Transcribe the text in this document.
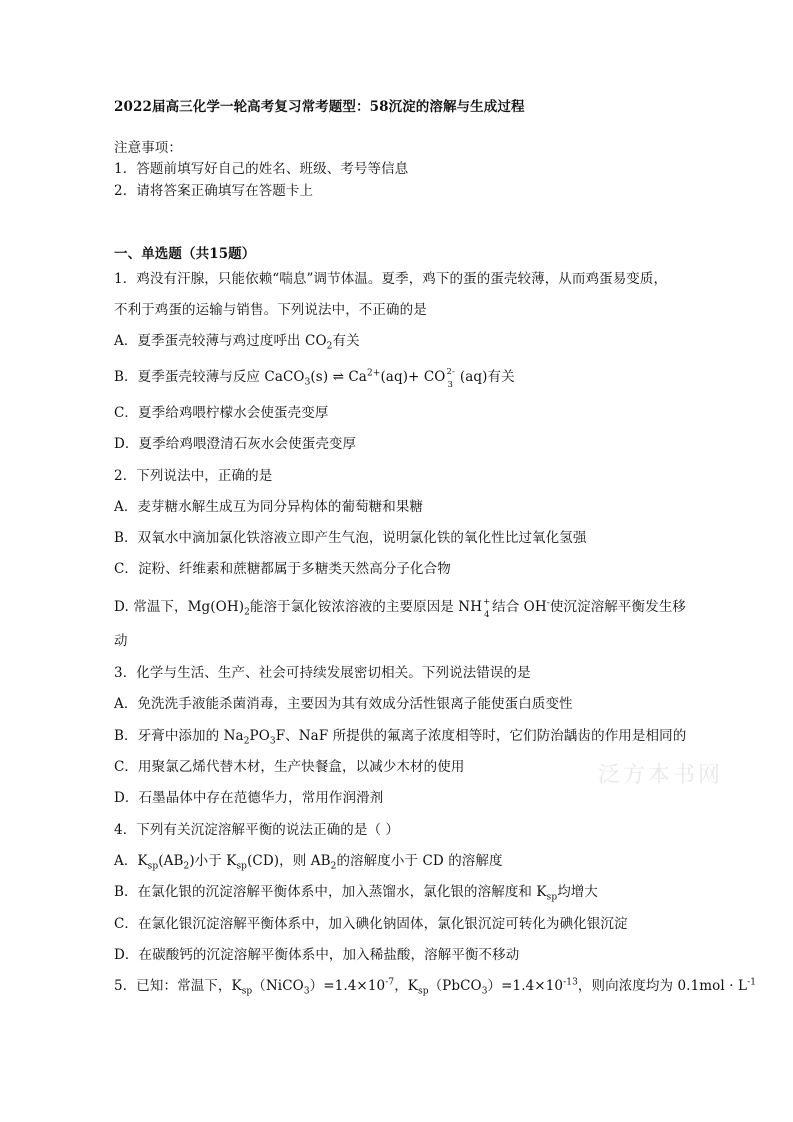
2022届高三化学一轮高考复习常考题型：58沉淀的溶解与生成过程
注意事项：
1．答题前填写好自己的姓名、班级、考号等信息
2．请将答案正确填写在答题卡上
一、单选题（共15题）
1．鸡没有汗腺，只能依赖“喘息”调节体温。夏季，鸡下的蛋的蛋壳较薄，从而鸡蛋易变质，
不利于鸡蛋的运输与销售。下列说法中，不正确的是
A．夏季蛋壳较薄与鸡过度呼出 $CO_2$有关
B．夏季蛋壳较薄与反应 CaCO$_3$(s) ⇌ $Ca^{2+}(aq)+$ CO 2-
3 (aq)有关
C．夏季给鸡喂柠檬水会使蛋壳变厚
D．夏季给鸡喂澄清石灰水会使蛋壳变厚
2．下列说法中，正确的是
A．麦芽糖水解生成互为同分异构体的葡萄糖和果糖
B．双氧水中滴加氯化铁溶液立即产生气泡，说明氯化铁的氧化性比过氧化氢强
C．淀粉、纤维素和蔗糖都属于多糖类天然高分子化合物
D. 常温下，$Mg(OH)_2$能溶于氯化铵浓溶液的主要原因是 NH +
4 结合 OH-使沉淀溶解平衡发生移
动
3．化学与生活、生产、社会可持续发展密切相关。下列说法错误的是
A．免洗洗手液能杀菌消毒，主要因为其有效成分活性银离子能使蛋白质变性
B．牙膏中添加的 $Na_2PO_3F$、NaF 所提供的氟离子浓度相等时，它们防治龋齿的作用是相同的
C．用聚氯乙烯代替木材，生产快餐盒，以减少木材的使用
D．石墨晶体中存在范德华力，常用作润滑剂
4．下列有关沉淀溶解平衡的说法正确的是（ ）
A．$K_{sp}(AB_2)$小于 $K_{sp}(CD)$，则 $AB_2$的溶解度小于 CD 的溶解度
B．在氯化银的沉淀溶解平衡体系中，加入蒸馏水，氯化银的溶解度和 $K_{sp}$均增大
C．在氯化银沉淀溶解平衡体系中，加入碘化钠固体，氯化银沉淀可转化为碘化银沉淀
D．在碳酸钙的沉淀溶解平衡体系中，加入稀盐酸，溶解平衡不移动
5．已知：常温下，$K_{sp}(NiCO_3)=1.4\times 10^{-7}$，$K_{sp}(PbCO_3)=1.4\times 10^{-13}$，则向浓度均为 $0.1mol \cdot L^{-1}$
泛方本书网
